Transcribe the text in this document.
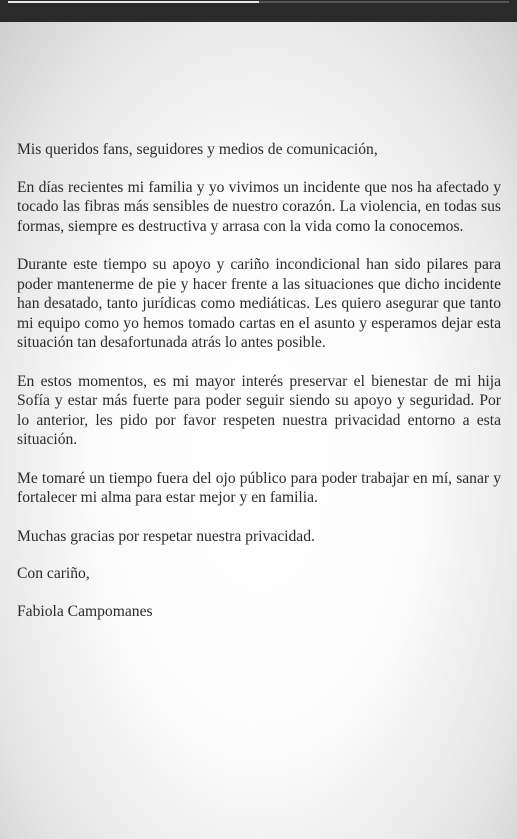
Mis queridos fans, seguidores y medios de comunicación,

En días recientes mi familia y yo vivimos un incidente que nos ha afectado y tocado las fibras más sensibles de nuestro corazón. La violencia, en todas sus formas, siempre es destructiva y arrasa con la vida como la conocemos.

Durante este tiempo su apoyo y cariño incondicional han sido pilares para poder mantenerme de pie y hacer frente a las situaciones que dicho incidente han desatado, tanto jurídicas como mediáticas. Les quiero asegurar que tanto mi equipo como yo hemos tomado cartas en el asunto y esperamos dejar esta situación tan desafortunada atrás lo antes posible.

En estos momentos, es mi mayor interés preservar el bienestar de mi hija Sofía y estar más fuerte para poder seguir siendo su apoyo y seguridad. Por lo anterior, les pido por favor respeten nuestra privacidad entorno a esta situación.

Me tomaré un tiempo fuera del ojo público para poder trabajar en mí, sanar y fortalecer mi alma para estar mejor y en familia.

Muchas gracias por respetar nuestra privacidad.

Con cariño,

Fabiola Campomanes
